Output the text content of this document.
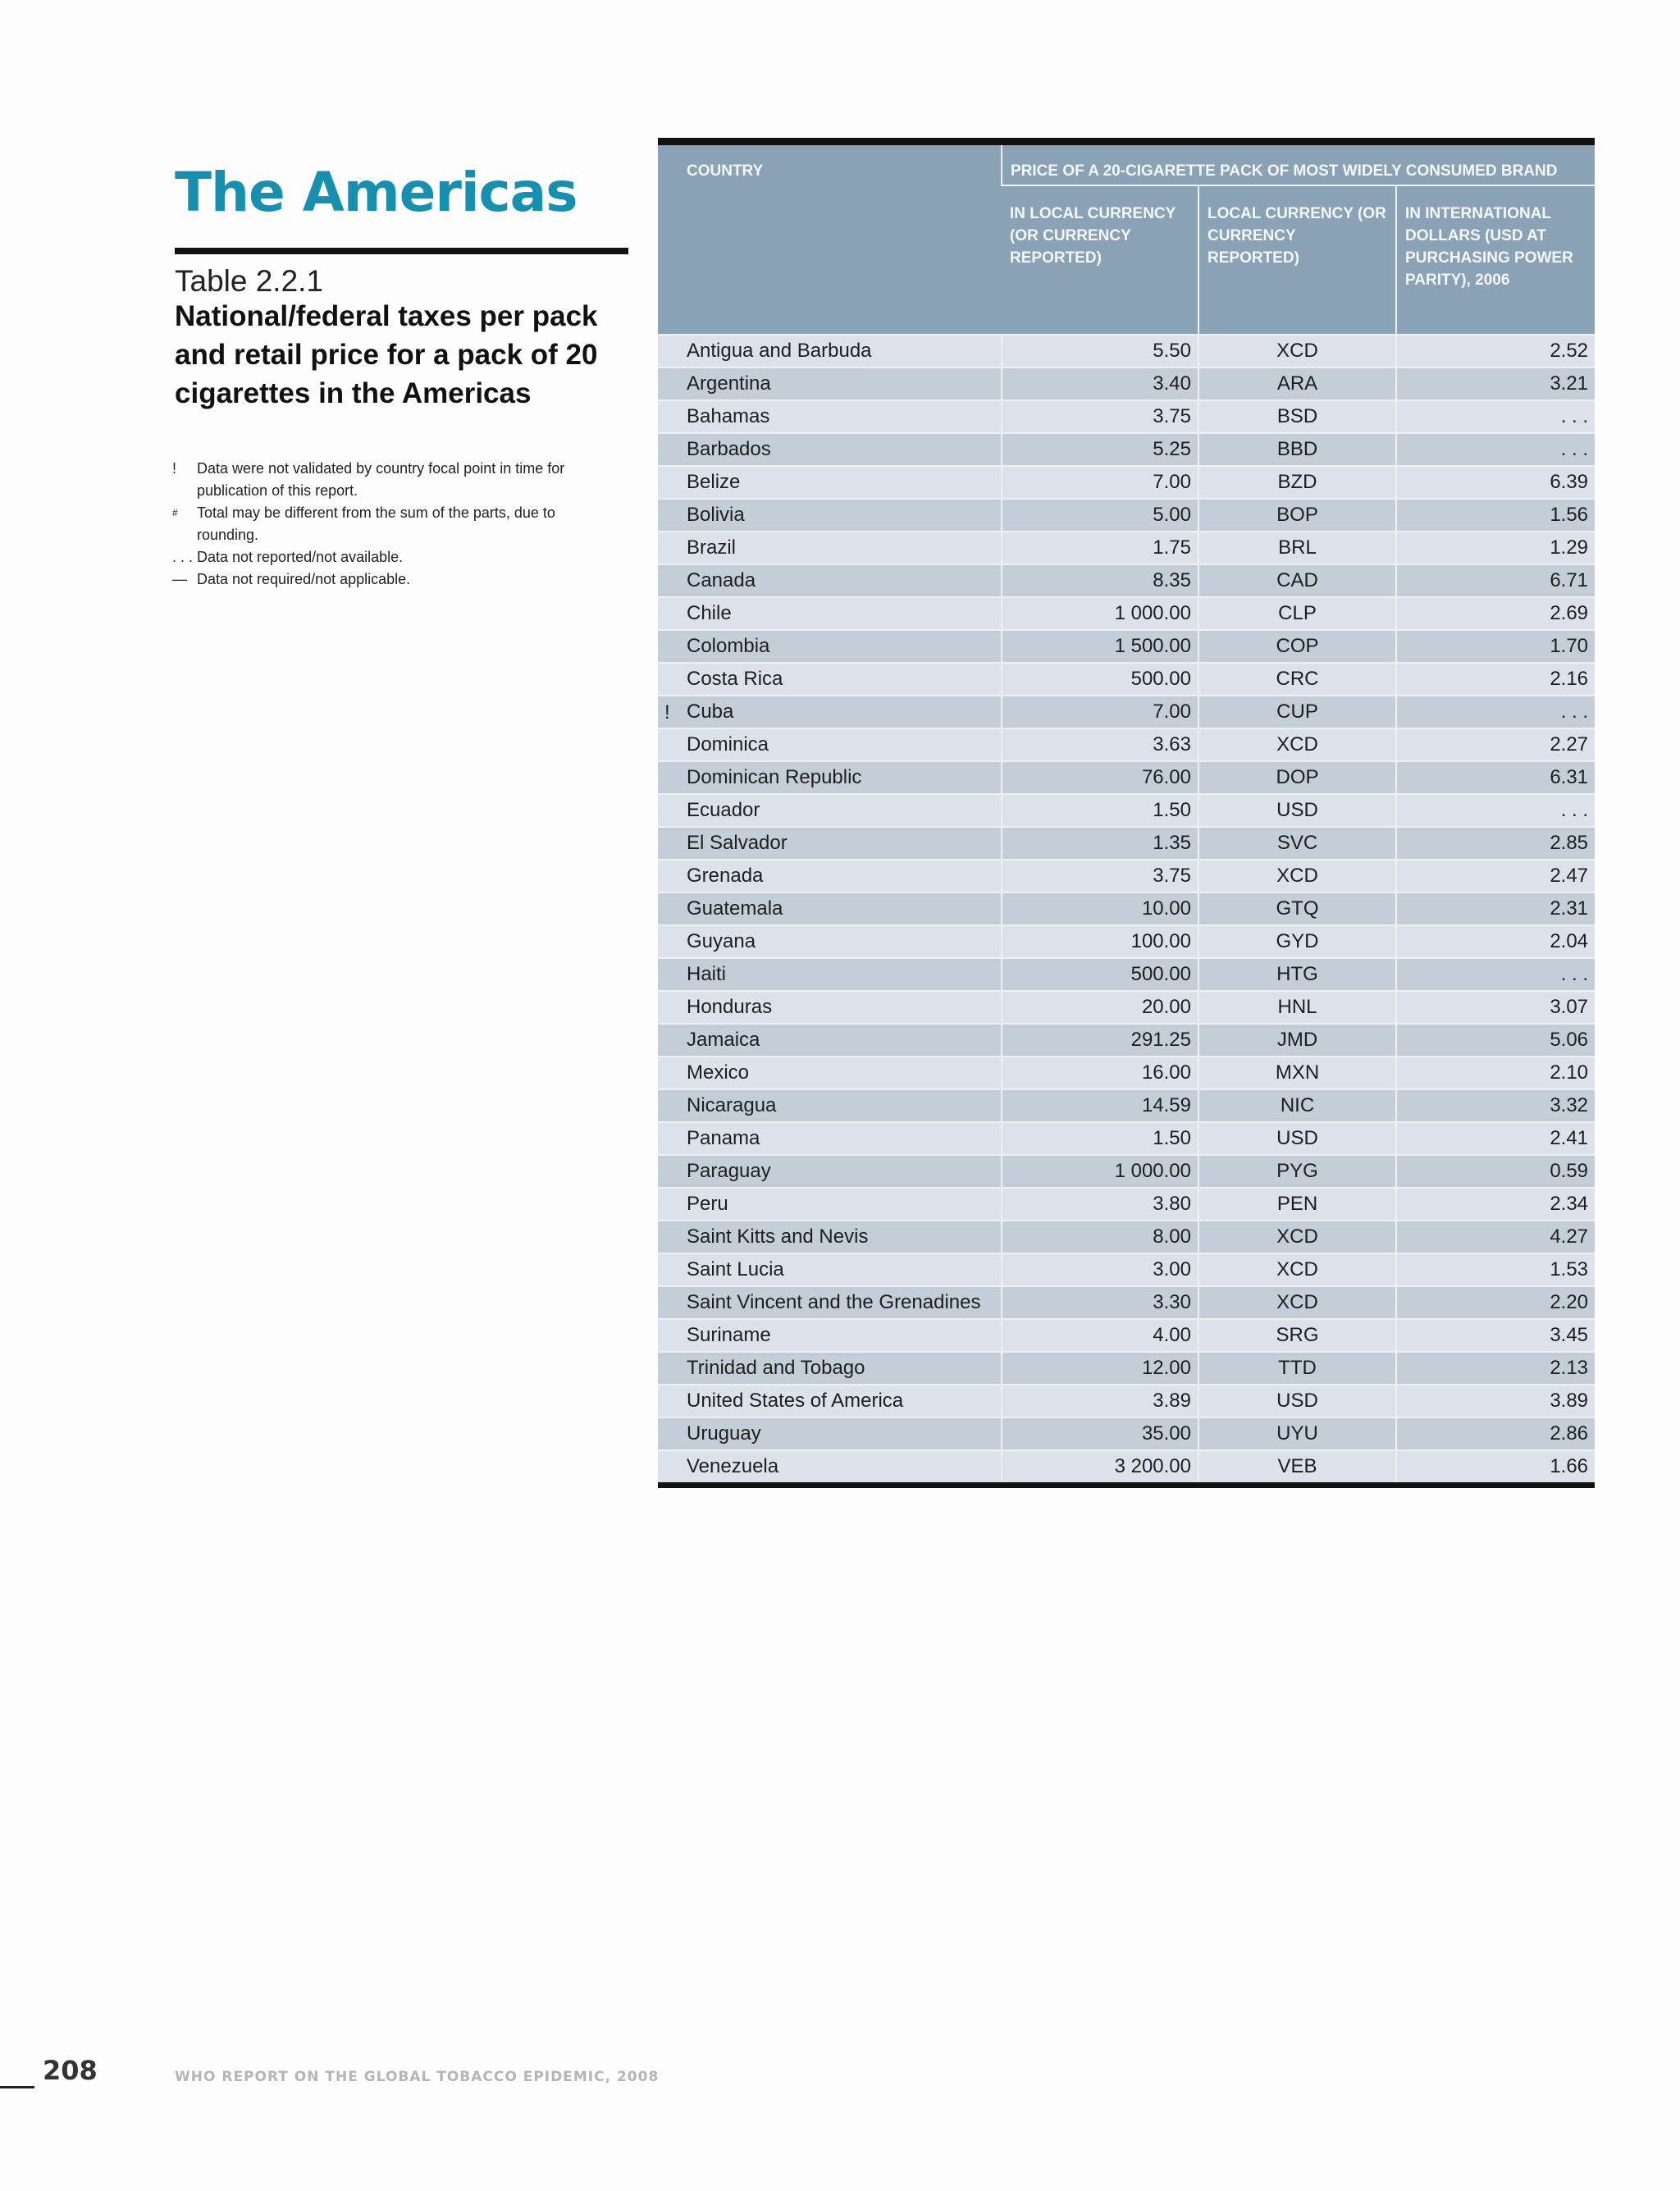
The Americas
Table 2.2.1
National/federal taxes per pack and retail price for a pack of 20 cigarettes in the Americas
!	Data were not validated by country focal point in time for publication of this report.
#	Total may be different from the sum of the parts, due to rounding.
. . . Data not reported/not available.
— Data not required/not applicable.
COUNTRY	PRICE OF A 20-CIGARETTE PACK OF MOST WIDELY CONSUMED BRAND		
	IN LOCAL CURRENCY (OR CURRENCY REPORTED)	LOCAL CURRENCY (OR CURRENCY REPORTED)	IN INTERNATIONAL DOLLARS (USD AT PURCHASING POWER PARITY), 2006

Antigua and Barbuda	5.50	XCD	2.52

Argentina	3.40	ARA	3.21

Bahamas	3.75	BSD	. . .

Barbados	5.25	BBD	. . .

Belize	7.00	BZD	6.39

Bolivia	5.00	BOP	1.56

Brazil	1.75	BRL	1.29

Canada	8.35	CAD	6.71

Chile	1 000.00	CLP	2.69

Colombia	1 500.00	COP	1.70

Costa Rica	500.00	CRC	2.16

! Cuba	7.00	CUP	. . .

Dominica	3.63	XCD	2.27

Dominican Republic	76.00	DOP	6.31

Ecuador	1.50	USD	. . .

El Salvador	1.35	SVC	2.85

Grenada	3.75	XCD	2.47

Guatemala	10.00	GTQ	2.31

Guyana	100.00	GYD	2.04

Haiti	500.00	HTG	. . .

Honduras	20.00	HNL	3.07

Jamaica	291.25	JMD	5.06

Mexico	16.00	MXN	2.10

Nicaragua	14.59	NIC	3.32

Panama	1.50	USD	2.41

Paraguay	1 000.00	PYG	0.59

Peru	3.80	PEN	2.34

Saint Kitts and Nevis	8.00	XCD	4.27

Saint Lucia	3.00	XCD	1.53

Saint Vincent and the Grenadines	3.30	XCD	2.20

Suriname	4.00	SRG	3.45

Trinidad and Tobago	12.00	TTD	2.13

United States of America	3.89	USD	3.89

Uruguay	35.00	UYU	2.86

Venezuela	3 200.00	VEB	1.66
208	WHO REPORT ON THE GLOBAL TOBACCO EPIDEMIC, 2008
